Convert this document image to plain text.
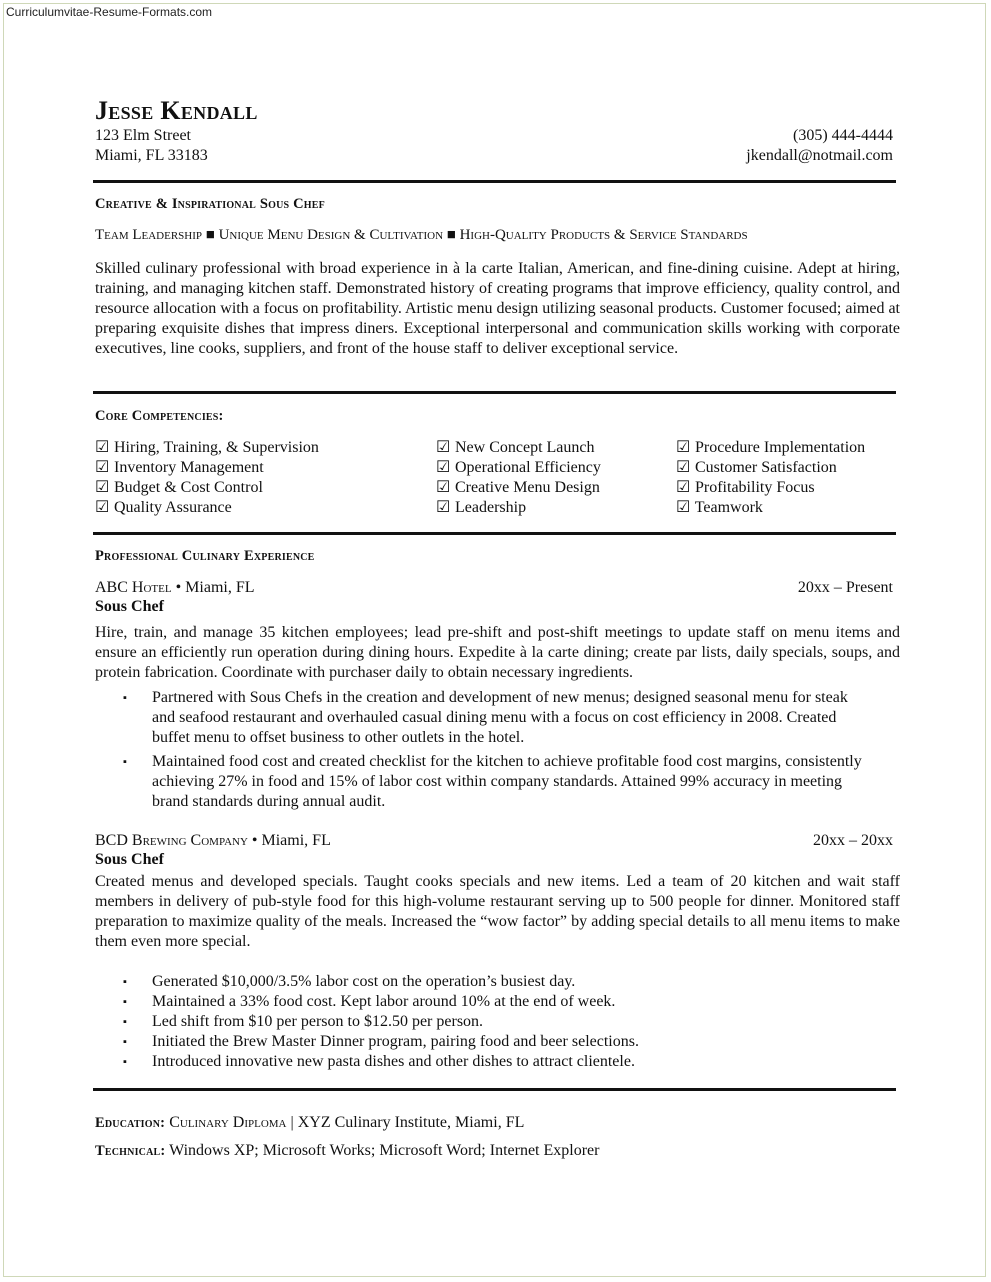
Curriculumvitae-Resume-Formats.com
Jesse Kendall
123 Elm Street
Miami, FL 33183
(305) 444-4444
jkendall@notmail.com
Creative & Inspirational Sous Chef
Team Leadership ■ Unique Menu Design & Cultivation ■ High-Quality Products & Service Standards
Skilled culinary professional with broad experience in à la carte Italian, American, and fine-dining cuisine. Adept at hiring, training, and managing kitchen staff. Demonstrated history of creating programs that improve efficiency, quality control, and resource allocation with a focus on profitability. Artistic menu design utilizing seasonal products. Customer focused; aimed at preparing exquisite dishes that impress diners. Exceptional interpersonal and communication skills working with corporate executives, line cooks, suppliers, and front of the house staff to deliver exceptional service.
Core Competencies:
☑ Hiring, Training, & Supervision
☑ Inventory Management
☑ Budget & Cost Control
☑ Quality Assurance
☑ New Concept Launch
☑ Operational Efficiency
☑ Creative Menu Design
☑ Leadership
☑ Procedure Implementation
☑ Customer Satisfaction
☑ Profitability Focus
☑ Teamwork
Professional Culinary Experience
ABC Hotel • Miami, FL	20xx – Present
Sous Chef
Hire, train, and manage 35 kitchen employees; lead pre-shift and post-shift meetings to update staff on menu items and ensure an efficiently run operation during dining hours. Expedite à la carte dining; create par lists, daily specials, soups, and protein fabrication. Coordinate with purchaser daily to obtain necessary ingredients.
▪ Partnered with Sous Chefs in the creation and development of new menus; designed seasonal menu for steak and seafood restaurant and overhauled casual dining menu with a focus on cost efficiency in 2008. Created buffet menu to offset business to other outlets in the hotel.
▪ Maintained food cost and created checklist for the kitchen to achieve profitable food cost margins, consistently achieving 27% in food and 15% of labor cost within company standards. Attained 99% accuracy in meeting brand standards during annual audit.
BCD Brewing Company • Miami, FL	20xx – 20xx
Sous Chef
Created menus and developed specials. Taught cooks specials and new items. Led a team of 20 kitchen and wait staff members in delivery of pub-style food for this high-volume restaurant serving up to 500 people for dinner. Monitored staff preparation to maximize quality of the meals. Increased the “wow factor” by adding special details to all menu items to make them even more special.
▪ Generated $10,000/3.5% labor cost on the operation’s busiest day.
▪ Maintained a 33% food cost. Kept labor around 10% at the end of week.
▪ Led shift from $10 per person to $12.50 per person.
▪ Initiated the Brew Master Dinner program, pairing food and beer selections.
▪ Introduced innovative new pasta dishes and other dishes to attract clientele.
Education: Culinary Diploma | XYZ Culinary Institute, Miami, FL
Technical: Windows XP; Microsoft Works; Microsoft Word; Internet Explorer
